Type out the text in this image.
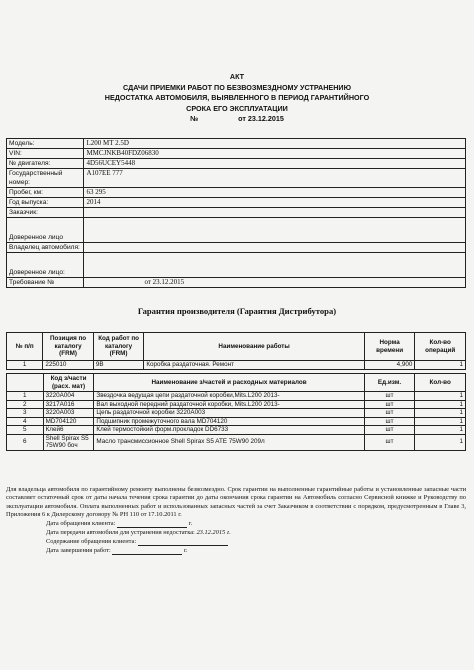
АКТ
СДАЧИ ПРИЕМКИ РАБОТ ПО БЕЗВОЗМЕЗДНОМУ УСТРАНЕНИЮ
НЕДОСТАТКА АВТОМОБИЛЯ, ВЫЯВЛЕННОГО В ПЕРИОД ГАРАНТИЙНОГО
СРОКА ЕГО ЭКСПЛУАТАЦИИ
№	от 23.12.2015
Модель:	L200 MT 2.5D
VIN:	MMCJNKB40FDZ06830
№ двигателя:	4D56UCEY5448
Государственный номер:	А107ЕЕ 777
Пробег, км:	63 295
Год выпуска:	2014
Заказчик:	
Доверенное лицо	
Владелец автомобиля:	
Доверенное лицо:	
Требование №	от 23.12.2015
Гарантия производителя (Гарантия Дистрибутора)
№ п/п	Позиция по каталогу (FRM)	Код работ по каталогу (FRM)	Наименование работы	Норма времени	Кол-во операций
1	225010	9B	Коробка раздаточная. Ремонт	4,900	1
	Код з/части (расх. мат)	Наименование з/частей и расходных материалов	Ед.изм.	Кол-во
1	3220A004	Звездочка ведущая цепи раздаточной коробки,Mits.L200 2013-	шт	1
2	3217A016	Вал выходной передний раздаточной коробки, Mits.L200 2013-	шт	1
3	3220A003	Цепь раздаточной коробки 3220A003	шт	1
4	MD704120	Подшипник промежуточного вала MD704120	шт	1
5	Клей6	Клей термостойкий форм.прокладок DD6733	шт	1
6	Shell Spirax S5 75W90 бoч	Масло трансмиссионное Shell Spirax S5 ATE 75W90 209л	шт	1
Для владельца автомобиля по гарантийному ремонту выполнены безвозмездно. Срок гарантии на выполненные гарантийные работы и установленные запасные части составляет остаточный срок от даты начала течения срока гарантии до даты окончания срока гарантии на Автомобиль согласно Сервисной книжке и Руководству по эксплуатации автомобиля. Оплата выполненных работ и использованных запасных частей за счет Заказчиком в соответствии с порядком, предусмотренным в Главе 3, Приложения 6 к Дилерскому договору № РН 110 от 17.10.2011 г.
Дата обращения клиента:	г.
Дата передачи автомобиля для устранения недостатка: 23.12.2015 г.
Содержание обращения клиента:
Дата завершения работ:	г.
